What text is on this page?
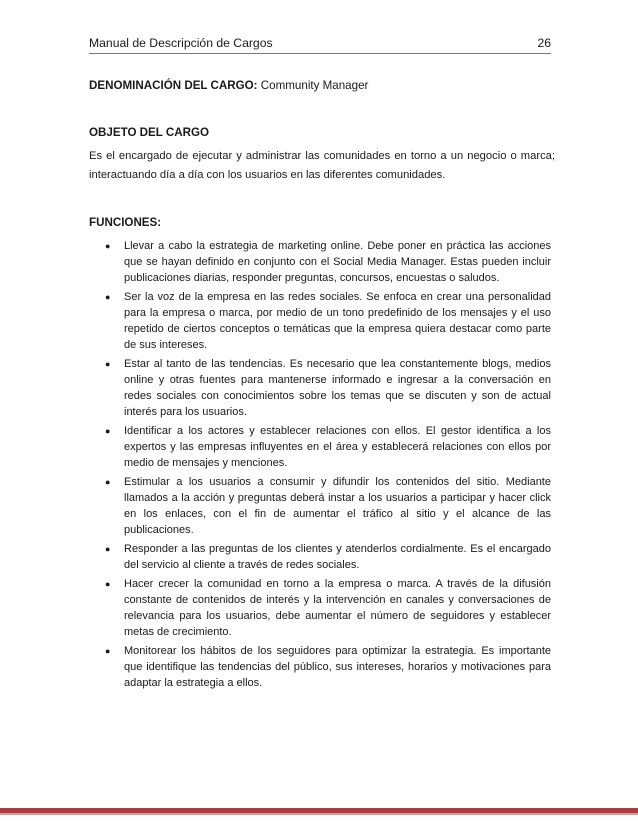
Manual de Descripción de Cargos	26
DENOMINACIÓN DEL CARGO: Community Manager
OBJETO DEL CARGO
Es el encargado de ejecutar y administrar las comunidades en torno a un negocio o marca; interactuando día a día con los usuarios en las diferentes comunidades.
FUNCIONES:
● Llevar a cabo la estrategia de marketing online. Debe poner en práctica las acciones que se hayan definido en conjunto con el Social Media Manager. Estas pueden incluir publicaciones diarias, responder preguntas, concursos, encuestas o saludos.
● Ser la voz de la empresa en las redes sociales. Se enfoca en crear una personalidad para la empresa o marca, por medio de un tono predefinido de los mensajes y el uso repetido de ciertos conceptos o temáticas que la empresa quiera destacar como parte de sus intereses.
● Estar al tanto de las tendencias. Es necesario que lea constantemente blogs, medios online y otras fuentes para mantenerse informado e ingresar a la conversación en redes sociales con conocimientos sobre los temas que se discuten y son de actual interés para los usuarios.
● Identificar a los actores y establecer relaciones con ellos. El gestor identifica a los expertos y las empresas influyentes en el área y establecerá relaciones con ellos por medio de mensajes y menciones.
● Estimular a los usuarios a consumir y difundir los contenidos del sitio. Mediante llamados a la acción y preguntas deberá instar a los usuarios a participar y hacer click en los enlaces, con el fin de aumentar el tráfico al sitio y el alcance de las publicaciones.
● Responder a las preguntas de los clientes y atenderlos cordialmente. Es el encargado del servicio al cliente a través de redes sociales.
● Hacer crecer la comunidad en torno a la empresa o marca. A través de la difusión constante de contenidos de interés y la intervención en canales y conversaciones de relevancia para los usuarios, debe aumentar el número de seguidores y establecer metas de crecimiento.
● Monitorear los hábitos de los seguidores para optimizar la estrategia. Es importante que identifique las tendencias del público, sus intereses, horarios y motivaciones para adaptar la estrategia a ellos.
